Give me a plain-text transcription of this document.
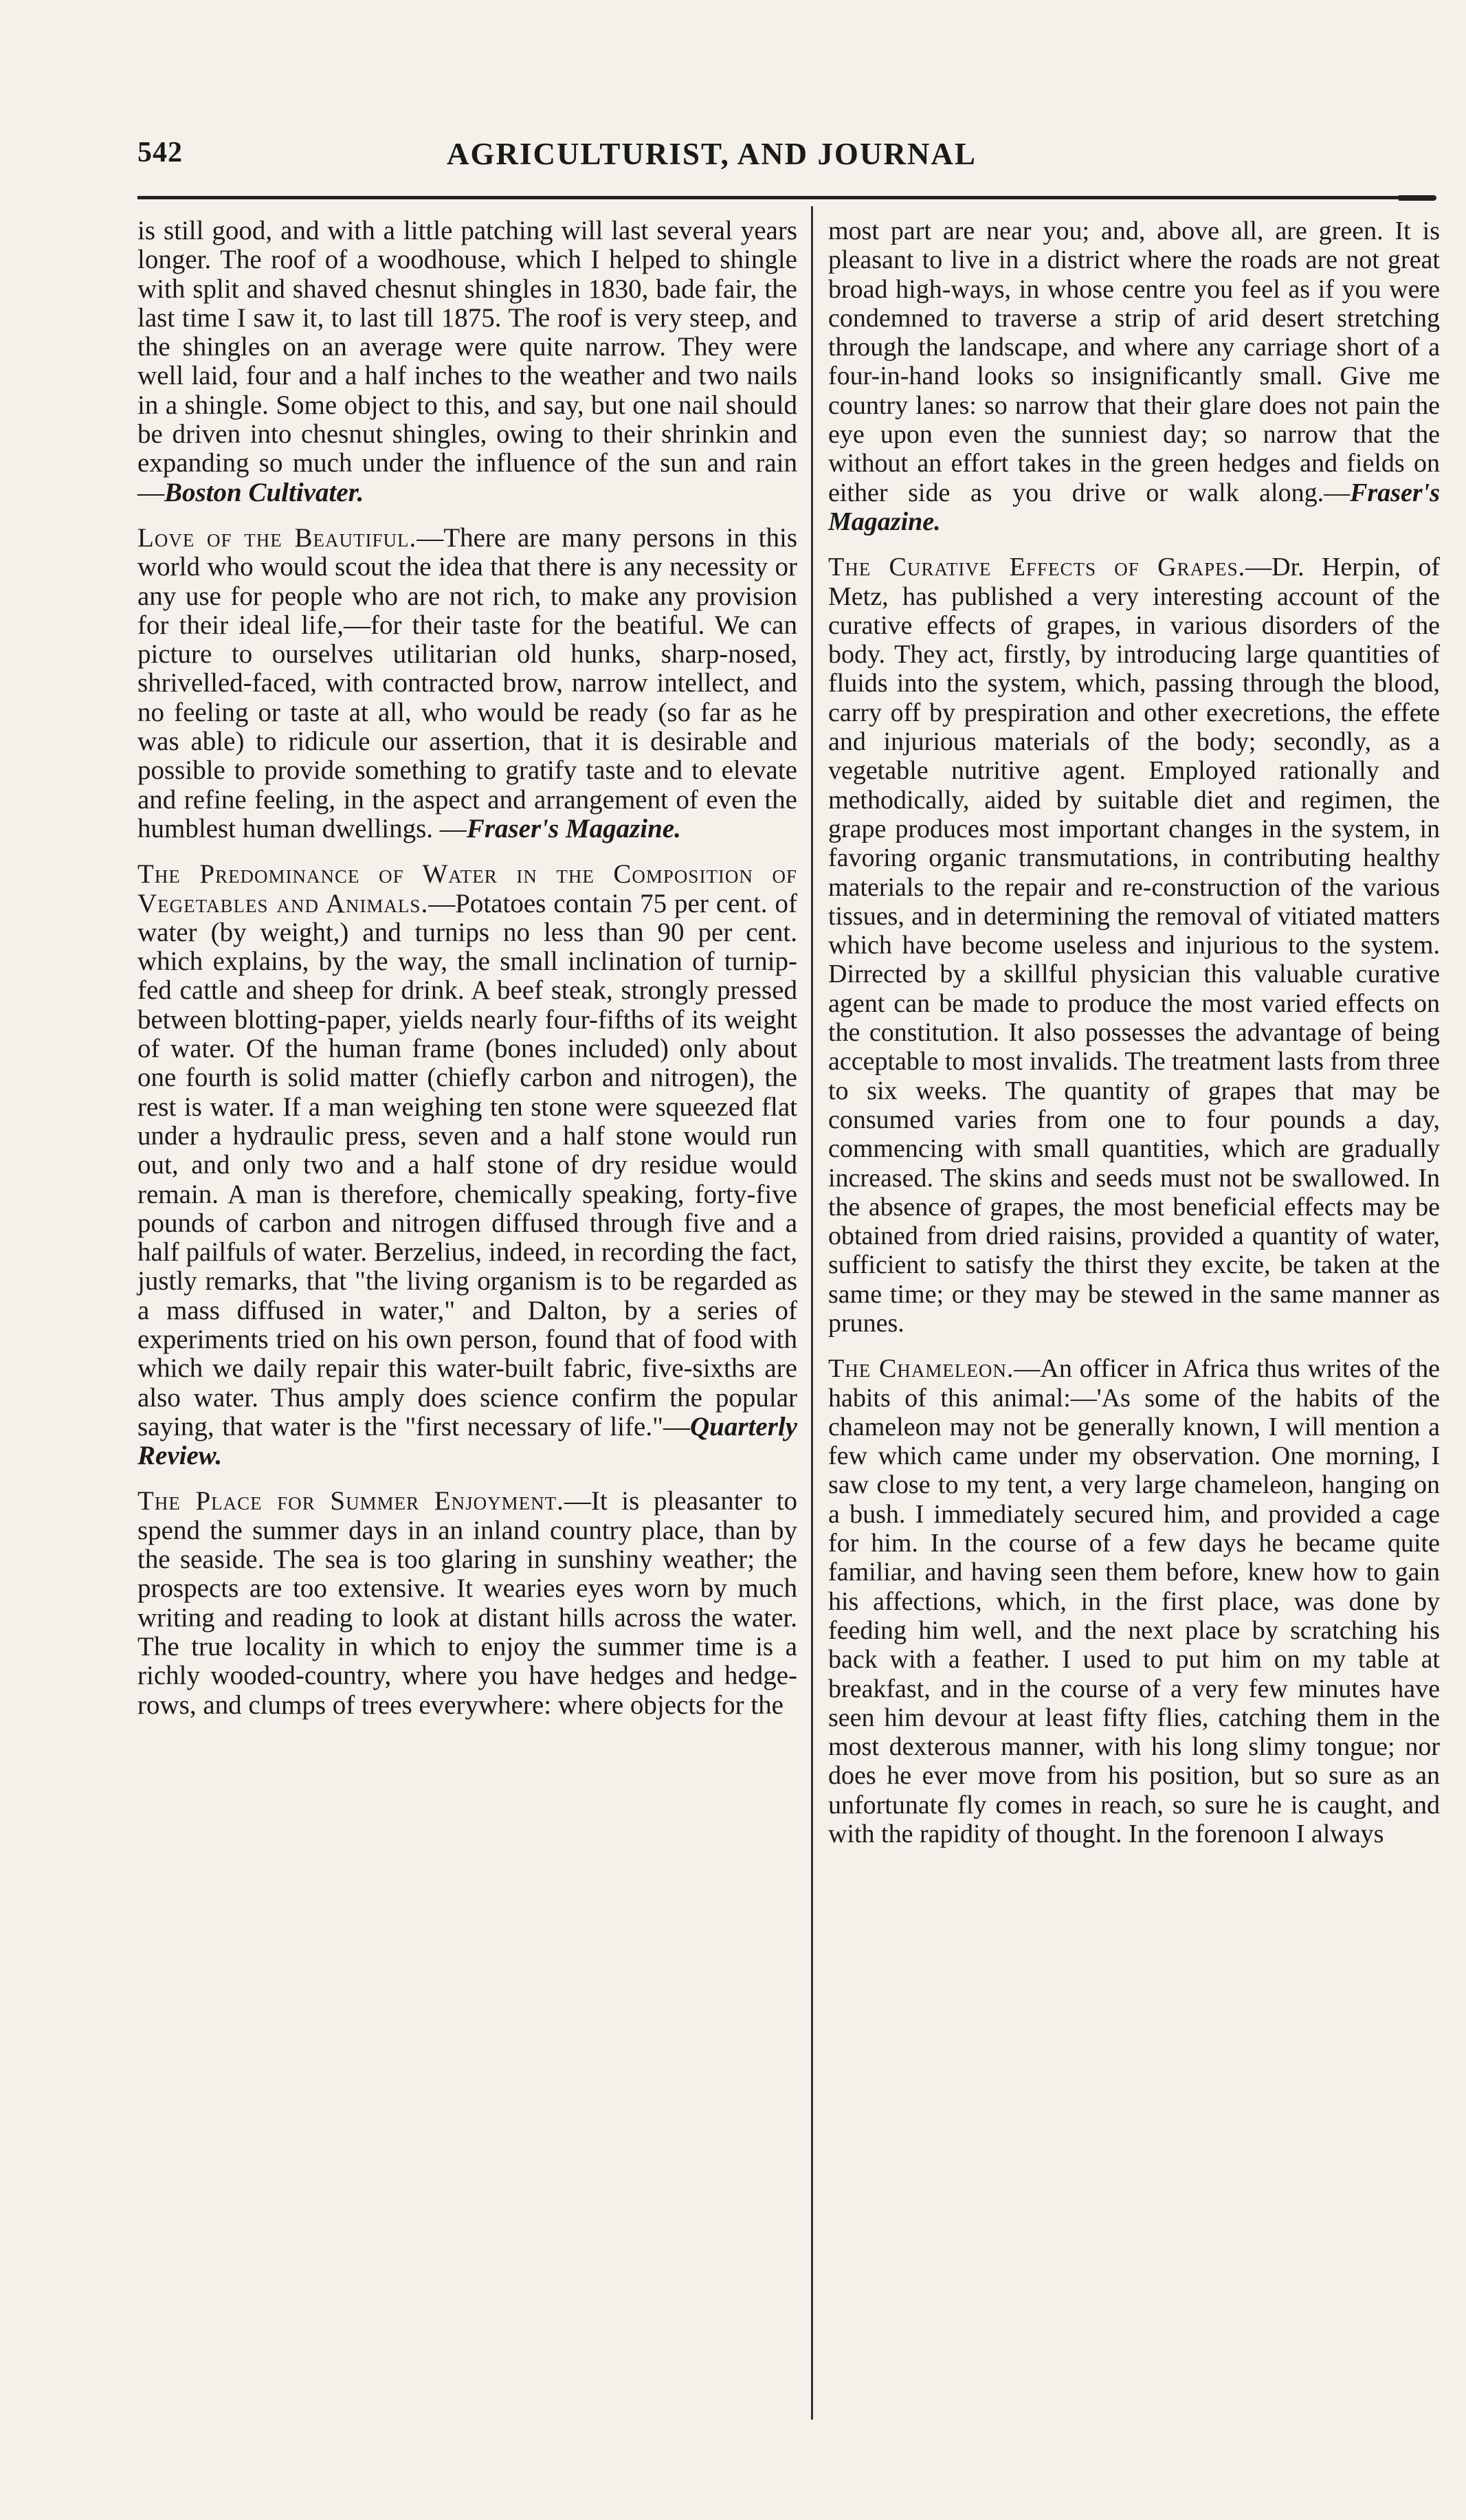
542	AGRICULTURIST, AND JOURNAL

is still good, and with a little patching will last several years longer. The roof of a woodhouse, which I helped to shingle with split and shaved chesnut shingles in 1830, bade fair, the last time I saw it, to last till 1875. The roof is very steep, and the shingles on an average were quite narrow. They were well laid, four and a half inches to the weather and two nails in a shingle. Some object to this, and say, but one nail should be driven into chesnut shingles, owing to their shrinkin and expanding so much under the influence of the sun and rain —Boston Cultivater.

Love of the Beautiful.—There are many persons in this world who would scout the idea that there is any necessity or any use for people who are not rich, to make any provision for their ideal life,—for their taste for the beatiful. We can picture to ourselves utilitarian old hunks, sharp-nosed, shrivelled-faced, with contracted brow, narrow intellect, and no feeling or taste at all, who would be ready (so far as he was able) to ridicule our assertion, that it is desirable and possible to provide something to gratify taste and to elevate and refine feeling, in the aspect and arrangement of even the humblest human dwellings. —Fraser's Magazine.

The Predominance of Water in the Composition of Vegetables and Animals.—Potatoes contain 75 per cent. of water (by weight,) and turnips no less than 90 per cent. which explains, by the way, the small inclination of turnip-fed cattle and sheep for drink. A beef steak, strongly pressed between blotting-paper, yields nearly four-fifths of its weight of water. Of the human frame (bones included) only about one fourth is solid matter (chiefly carbon and nitrogen), the rest is water. If a man weighing ten stone were squeezed flat under a hydraulic press, seven and a half stone would run out, and only two and a half stone of dry residue would remain. A man is therefore, chemically speaking, forty-five pounds of carbon and nitrogen diffused through five and a half pailfuls of water. Berzelius, indeed, in recording the fact, justly remarks, that "the living organism is to be regarded as a mass diffused in water," and Dalton, by a series of experiments tried on his own person, found that of food with which we daily repair this water-built fabric, five-sixths are also water. Thus amply does science confirm the popular saying, that water is the "first necessary of life."—Quarterly Review.

The Place for Summer Enjoyment.—It is pleasanter to spend the summer days in an inland country place, than by the seaside. The sea is too glaring in sunshiny weather; the prospects are too extensive. It wearies eyes worn by much writing and reading to look at distant hills across the water. The true locality in which to enjoy the summer time is a richly wooded-country, where you have hedges and hedge-rows, and clumps of trees everywhere: where objects for the

most part are near you; and, above all, are green. It is pleasant to live in a district where the roads are not great broad high-ways, in whose centre you feel as if you were condemned to traverse a strip of arid desert stretching through the landscape, and where any carriage short of a four-in-hand looks so insignificantly small. Give me country lanes: so narrow that their glare does not pain the eye upon even the sunniest day; so narrow that the without an effort takes in the green hedges and fields on either side as you drive or walk along.—Fraser's Magazine.

The Curative Effects of Grapes.—Dr. Herpin, of Metz, has published a very interesting account of the curative effects of grapes, in various disorders of the body. They act, firstly, by introducing large quantities of fluids into the system, which, passing through the blood, carry off by prespiration and other execretions, the effete and injurious materials of the body; secondly, as a vegetable nutritive agent. Employed rationally and methodically, aided by suitable diet and regimen, the grape produces most important changes in the system, in favoring organic transmutations, in contributing healthy materials to the repair and re-construction of the various tissues, and in determining the removal of vitiated matters which have become useless and injurious to the system. Dirrected by a skillful physician this valuable curative agent can be made to produce the most varied effects on the constitution. It also possesses the advantage of being acceptable to most invalids. The treatment lasts from three to six weeks. The quantity of grapes that may be consumed varies from one to four pounds a day, commencing with small quantities, which are gradually increased. The skins and seeds must not be swallowed. In the absence of grapes, the most beneficial effects may be obtained from dried raisins, provided a quantity of water, sufficient to satisfy the thirst they excite, be taken at the same time; or they may be stewed in the same manner as prunes.

The Chameleon.—An officer in Africa thus writes of the habits of this animal:—'As some of the habits of the chameleon may not be generally known, I will mention a few which came under my observation. One morning, I saw close to my tent, a very large chameleon, hanging on a bush. I immediately secured him, and provided a cage for him. In the course of a few days he became quite familiar, and having seen them before, knew how to gain his affections, which, in the first place, was done by feeding him well, and the next place by scratching his back with a feather. I used to put him on my table at breakfast, and in the course of a very few minutes have seen him devour at least fifty flies, catching them in the most dexterous manner, with his long slimy tongue; nor does he ever move from his position, but so sure as an unfortunate fly comes in reach, so sure he is caught, and with the rapidity of thought. In the forenoon I always
